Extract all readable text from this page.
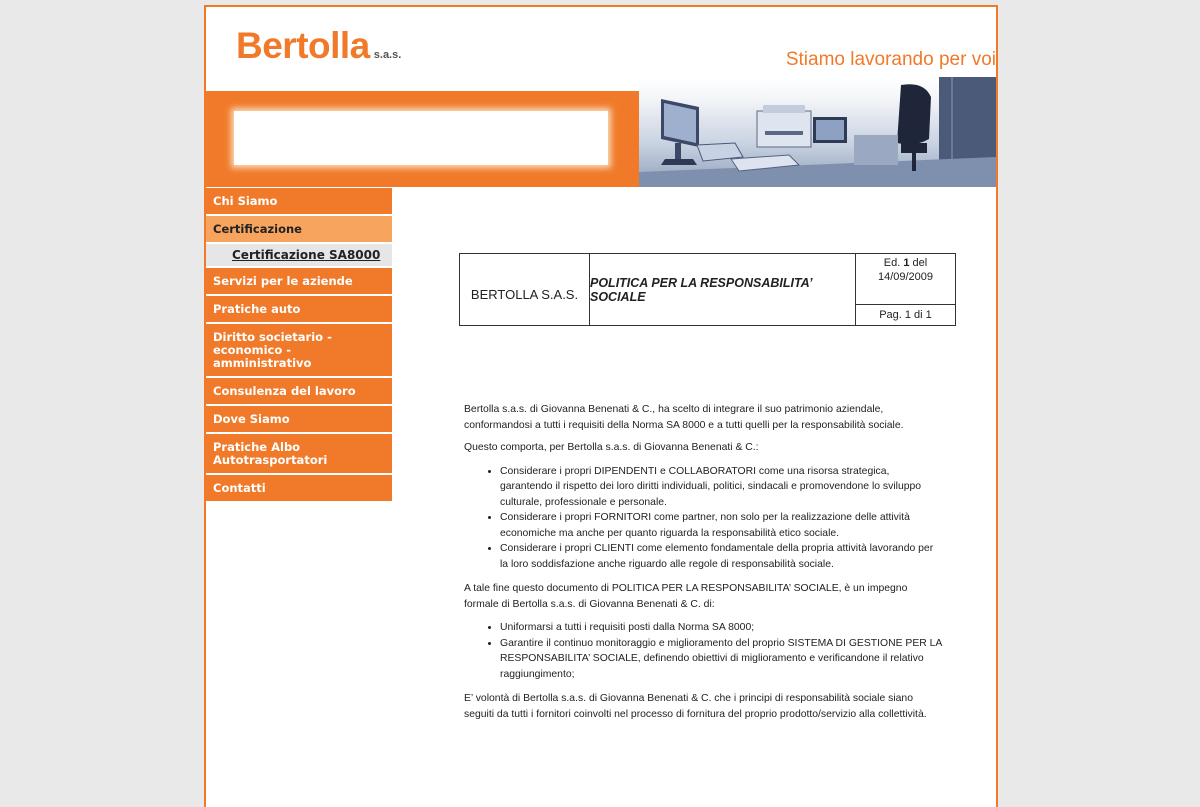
Bertolla s.a.s.	Stiamo lavorando per voi
Chi Siamo
Certificazione
Certificazione SA8000
Servizi per le aziende
Pratiche auto
Diritto societario - economico - amministrativo
Consulenza del lavoro
Dove Siamo
Pratiche Albo Autotrasportatori
Contatti
BERTOLLA S.A.S.
POLITICA PER LA RESPONSABILITA’ SOCIALE
Ed. 1 del
14/09/2009
Pag. 1 di 1

Bertolla s.a.s. di Giovanna Benenati & C., ha scelto di integrare il suo patrimonio aziendale, conformandosi a tutti i requisiti della Norma SA 8000 e a tutti quelli per la responsabilità sociale.

Questo comporta, per Bertolla s.a.s. di Giovanna Benenati & C.:

• Considerare i propri DIPENDENTI e COLLABORATORI come una risorsa strategica, garantendo il rispetto dei loro diritti individuali, politici, sindacali e promovendone lo sviluppo culturale, professionale e personale.
• Considerare i propri FORNITORI come partner, non solo per la realizzazione delle attività economiche ma anche per quanto riguarda la responsabilità etico sociale.
• Considerare i propri CLIENTI come elemento fondamentale della propria attività lavorando per la loro soddisfazione anche riguardo alle regole di responsabilità sociale.

A tale fine questo documento di POLITICA PER LA RESPONSABILITA’ SOCIALE, è un impegno formale di Bertolla s.a.s. di Giovanna Benenati & C. di:

• Uniformarsi a tutti i requisiti posti dalla Norma SA 8000;
• Garantire il continuo monitoraggio e miglioramento del proprio SISTEMA DI GESTIONE PER LA RESPONSABILITA’ SOCIALE, definendo obiettivi di miglioramento e verificandone il relativo raggiungimento;

E’ volontà di Bertolla s.a.s. di Giovanna Benenati & C. che i principi di responsabilità sociale siano seguiti da tutti i fornitori coinvolti nel processo di fornitura del proprio prodotto/servizio alla collettività.
